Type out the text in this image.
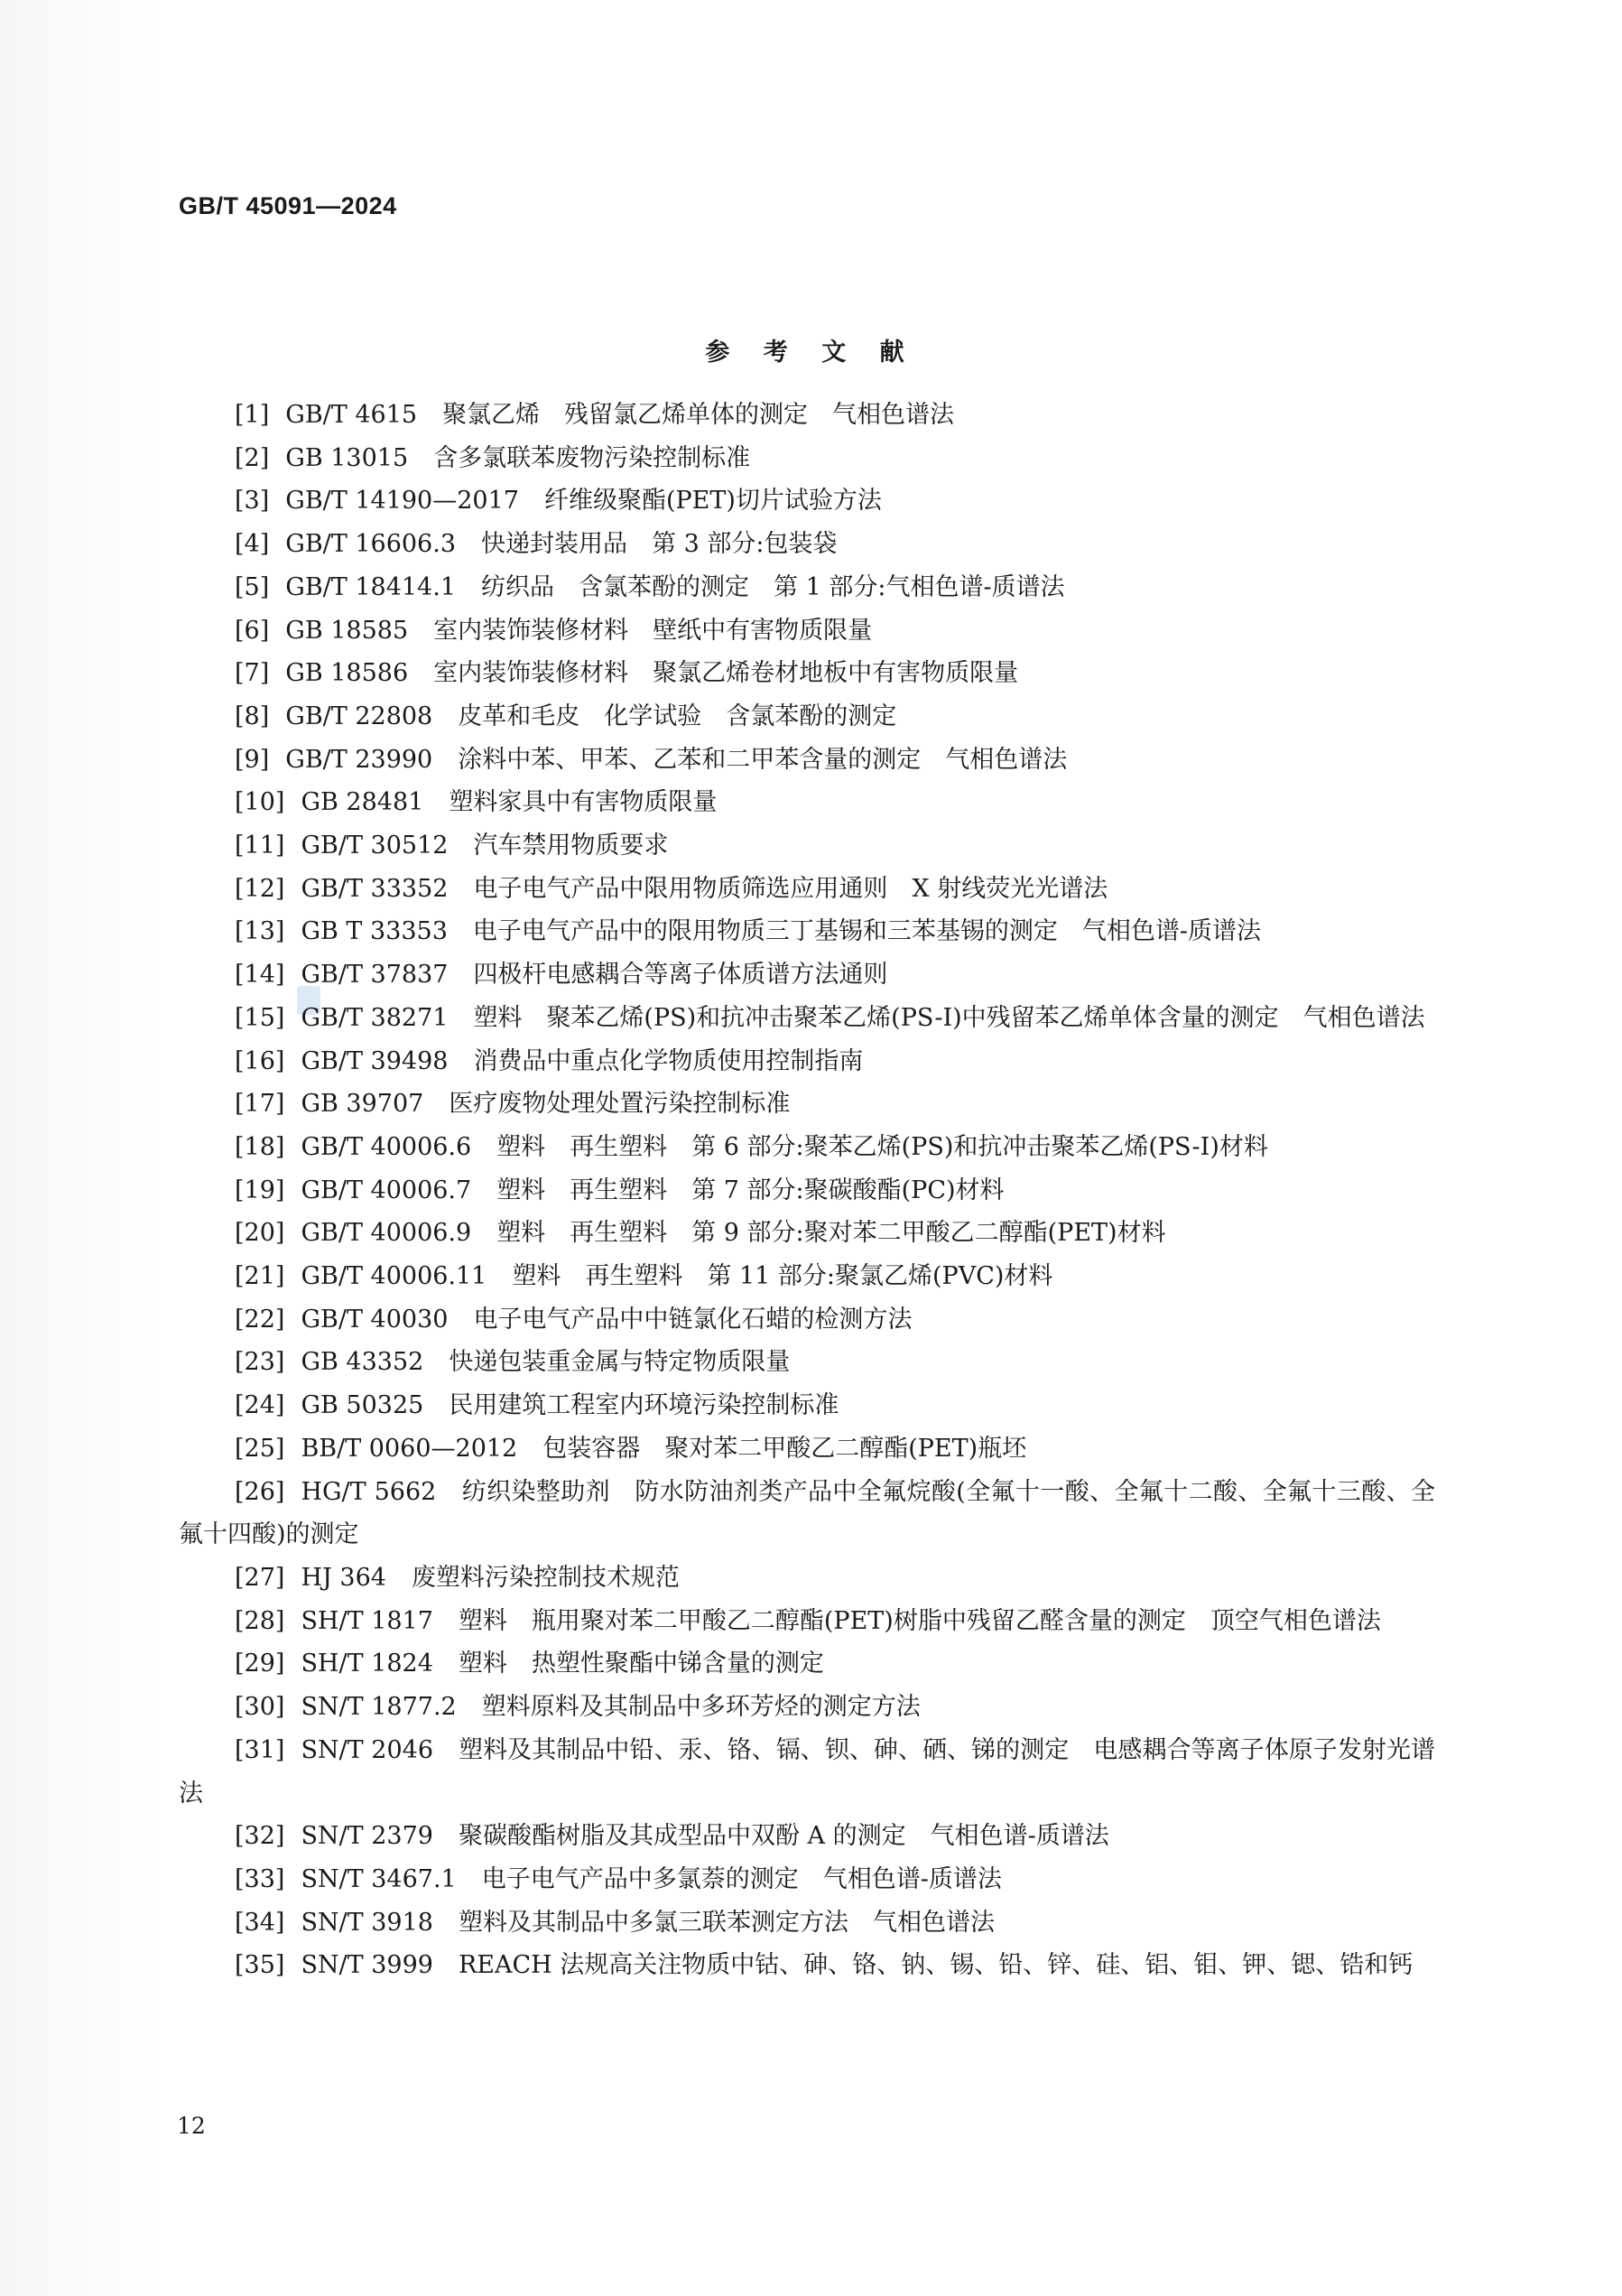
GB/T 45091—2024
参 考 文 献
[1] GB/T 4615 聚氯乙烯　残留氯乙烯单体的测定　气相色谱法
[2] GB 13015 含多氯联苯废物污染控制标准
[3] GB/T 14190—2017 纤维级聚酯(PET)切片试验方法
[4] GB/T 16606.3 快递封装用品　第 3 部分:包装袋
[5] GB/T 18414.1 纺织品　含氯苯酚的测定　第 1 部分:气相色谱-质谱法
[6] GB 18585 室内装饰装修材料　壁纸中有害物质限量
[7] GB 18586 室内装饰装修材料　聚氯乙烯卷材地板中有害物质限量
[8] GB/T 22808 皮革和毛皮　化学试验　含氯苯酚的测定
[9] GB/T 23990 涂料中苯、甲苯、乙苯和二甲苯含量的测定　气相色谱法
[10] GB 28481 塑料家具中有害物质限量
[11] GB/T 30512 汽车禁用物质要求
[12] GB/T 33352 电子电气产品中限用物质筛选应用通则　X 射线荧光光谱法
[13] GB T 33353 电子电气产品中的限用物质三丁基锡和三苯基锡的测定　气相色谱-质谱法
[14] GB/T 37837 四极杆电感耦合等离子体质谱方法通则
[15] GB/T 38271 塑料　聚苯乙烯(PS)和抗冲击聚苯乙烯(PS-I)中残留苯乙烯单体含量的测定　气相色谱法
[16] GB/T 39498 消费品中重点化学物质使用控制指南
[17] GB 39707 医疗废物处理处置污染控制标准
[18] GB/T 40006.6 塑料　再生塑料　第 6 部分:聚苯乙烯(PS)和抗冲击聚苯乙烯(PS-I)材料
[19] GB/T 40006.7 塑料　再生塑料　第 7 部分:聚碳酸酯(PC)材料
[20] GB/T 40006.9 塑料　再生塑料　第 9 部分:聚对苯二甲酸乙二醇酯(PET)材料
[21] GB/T 40006.11 塑料　再生塑料　第 11 部分:聚氯乙烯(PVC)材料
[22] GB/T 40030 电子电气产品中中链氯化石蜡的检测方法
[23] GB 43352 快递包装重金属与特定物质限量
[24] GB 50325 民用建筑工程室内环境污染控制标准
[25] BB/T 0060—2012 包装容器　聚对苯二甲酸乙二醇酯(PET)瓶坯
[26] HG/T 5662 纺织染整助剂　防水防油剂类产品中全氟烷酸(全氟十一酸、全氟十二酸、全氟十三酸、全氟十四酸)的测定
[27] HJ 364 废塑料污染控制技术规范
[28] SH/T 1817 塑料　瓶用聚对苯二甲酸乙二醇酯(PET)树脂中残留乙醛含量的测定　顶空气相色谱法
[29] SH/T 1824 塑料　热塑性聚酯中锑含量的测定
[30] SN/T 1877.2 塑料原料及其制品中多环芳烃的测定方法
[31] SN/T 2046 塑料及其制品中铅、汞、铬、镉、钡、砷、硒、锑的测定　电感耦合等离子体原子发射光谱法
[32] SN/T 2379 聚碳酸酯树脂及其成型品中双酚 A 的测定　气相色谱-质谱法
[33] SN/T 3467.1 电子电气产品中多氯萘的测定　气相色谱-质谱法
[34] SN/T 3918 塑料及其制品中多氯三联苯测定方法　气相色谱法
[35] SN/T 3999 REACH 法规高关注物质中钴、砷、铬、钠、锡、铅、锌、硅、铝、钼、钾、锶、锆和钙
12
